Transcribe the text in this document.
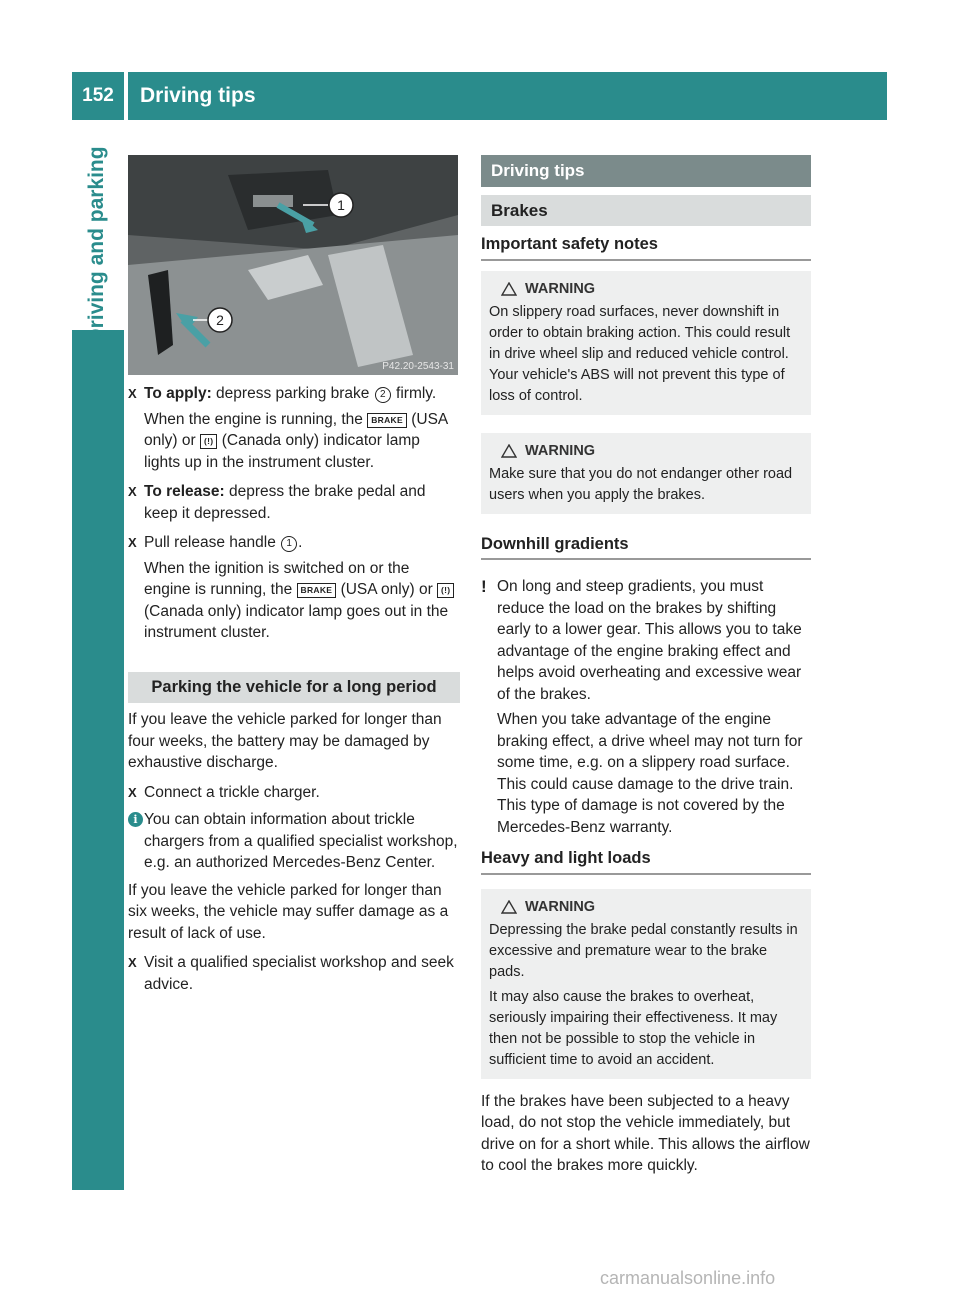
152	Driving tips
Driving and parking	1
2
P42.20-2543-31
X To apply: depress parking brake 2 firmly.

When the engine is running, the BRAKE (USA only) or (!) (Canada only) indicator lamp lights up in the instrument cluster.

X To release: depress the brake pedal and keep it depressed.

X Pull release handle 1 .

When the ignition is switched on or the engine is running, the BRAKE (USA only) or (!) (Canada only) indicator lamp goes out in the instrument cluster.

Parking the vehicle for a long period

If you leave the vehicle parked for longer than four weeks, the battery may be damaged by exhaustive discharge.

X Connect a trickle charger.

i You can obtain information about trickle chargers from a qualified specialist workshop, e.g. an authorized Mercedes-Benz Center.

If you leave the vehicle parked for longer than six weeks, the vehicle may suffer damage as a result of lack of use.

X Visit a qualified specialist workshop and seek advice.

Driving tips
Brakes
Important safety notes
WARNING

On slippery road surfaces, never downshift in order to obtain braking action. This could result in drive wheel slip and reduced vehicle control. Your vehicle's ABS will not prevent this type of loss of control.

WARNING

Make sure that you do not endanger other road users when you apply the brakes.

Downhill gradients
! On long and steep gradients, you must reduce the load on the brakes by shifting early to a lower gear. This allows you to take advantage of the engine braking effect and helps avoid overheating and excessive wear of the brakes.

When you take advantage of the engine braking effect, a drive wheel may not turn for some time, e.g. on a slippery road surface. This could cause damage to the drive train. This type of damage is not covered by the Mercedes-Benz warranty.

Heavy and light loads
WARNING

Depressing the brake pedal constantly results in excessive and premature wear to the brake pads.

It may also cause the brakes to overheat, seriously impairing their effectiveness. It may then not be possible to stop the vehicle in sufficient time to avoid an accident.

If the brakes have been subjected to a heavy load, do not stop the vehicle immediately, but drive on for a short while. This allows the airflow to cool the brakes more quickly.

carmanualsonline.info
